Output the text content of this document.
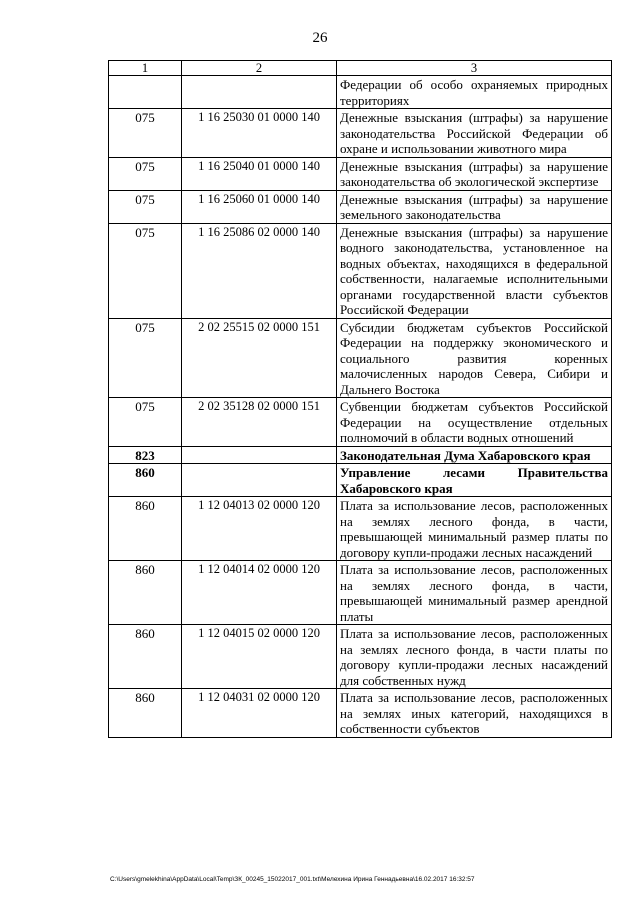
26
1	2	3
		Федерации об особо охраняемых природных территориях
075	1 16 25030 01 0000 140	Денежные взыскания (штрафы) за нарушение законодательства Российской Федерации об охране и использовании животного мира
075	1 16 25040 01 0000 140	Денежные взыскания (штрафы) за нарушение законодательства об экологической экспертизе
075	1 16 25060 01 0000 140	Денежные взыскания (штрафы) за нарушение земельного законодательства
075	1 16 25086 02 0000 140	Денежные взыскания (штрафы) за нарушение водного законодательства, установленное на водных объектах, находящихся в федеральной собственности, налагаемые исполнительными органами государственной власти субъектов Российской Федерации
075	2 02 25515 02 0000 151	Субсидии бюджетам субъектов Российской Федерации на поддержку экономического и социального развития коренных малочисленных народов Севера, Сибири и Дальнего Востока
075	2 02 35128 02 0000 151	Субвенции бюджетам субъектов Российской Федерации на осуществление отдельных полномочий в области водных отношений
823		Законодательная Дума Хабаровского края
860		Управление лесами Правительства Хабаровского края
860	1 12 04013 02 0000 120	Плата за использование лесов, расположенных на землях лесного фонда, в части, превышающей минимальный размер платы по договору купли-продажи лесных насаждений
860	1 12 04014 02 0000 120	Плата за использование лесов, расположенных на землях лесного фонда, в части, превышающей минимальный размер арендной платы
860	1 12 04015 02 0000 120	Плата за использование лесов, расположенных на землях лесного фонда, в части платы по договору купли-продажи лесных насаждений для собственных нужд
860	1 12 04031 02 0000 120	Плата за использование лесов, расположенных на землях иных категорий, находящихся в собственности субъектов
C:\Users\gmelekhina\AppData\Local\Temp\ЗК_00245_15022017_001.txt\Мелехина Ирина Геннадьевна\16.02.2017 16:32:57
